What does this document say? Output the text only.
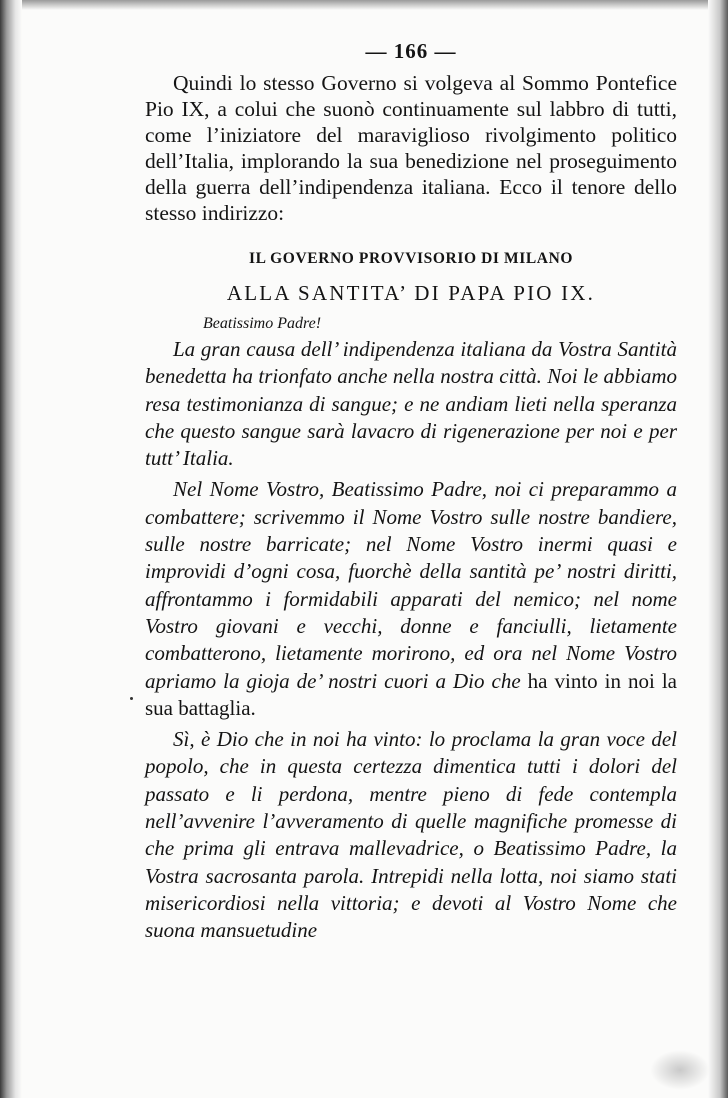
— 166 —

Quindi lo stesso Governo si volgeva al Sommo Pontefice Pio IX, a colui che suonò continuamente sul labbro di tutti, come l’iniziatore del maraviglioso rivolgimento politico dell’Italia, implorando la sua benedizione nel proseguimento della guerra dell’indipendenza italiana. Ecco il tenore dello stesso indirizzo:

IL GOVERNO PROVVISORIO DI MILANO
ALLA SANTITA’ DI PAPA PIO IX.
Beatissimo Padre!

La gran causa dell’ indipendenza italiana da Vostra Santità benedetta ha trionfato anche nella nostra città. Noi le abbiamo resa testimonianza di sangue; e ne andiam lieti nella speranza che questo sangue sarà lavacro di rigenerazione per noi e per tutt’ Italia.

Nel Nome Vostro, Beatissimo Padre, noi ci preparammo a combattere; scrivemmo il Nome Vostro sulle nostre bandiere, sulle nostre barricate; nel Nome Vostro inermi quasi e improvidi d’ogni cosa, fuorchè della santità pe’ nostri diritti, affrontammo i formidabili apparati del nemico; nel nome Vostro giovani e vecchi, donne e fanciulli, lietamente combatterono, lietamente morirono, ed ora nel Nome Vostro apriamo la gioja de’ nostri cuori a Dio che ha vinto in noi la sua battaglia.

Sì, è Dio che in noi ha vinto: lo proclama la gran voce del popolo, che in questa certezza dimentica tutti i dolori del passato e li perdona, mentre pieno di fede contempla nell’avvenire l’avveramento di quelle magnifiche promesse di che prima gli entrava mallevadrice, o Beatissimo Padre, la Vostra sacrosanta parola. Intrepidi nella lotta, noi siamo stati misericordiosi nella vittoria; e devoti al Vostro Nome che suona mansuetudine
